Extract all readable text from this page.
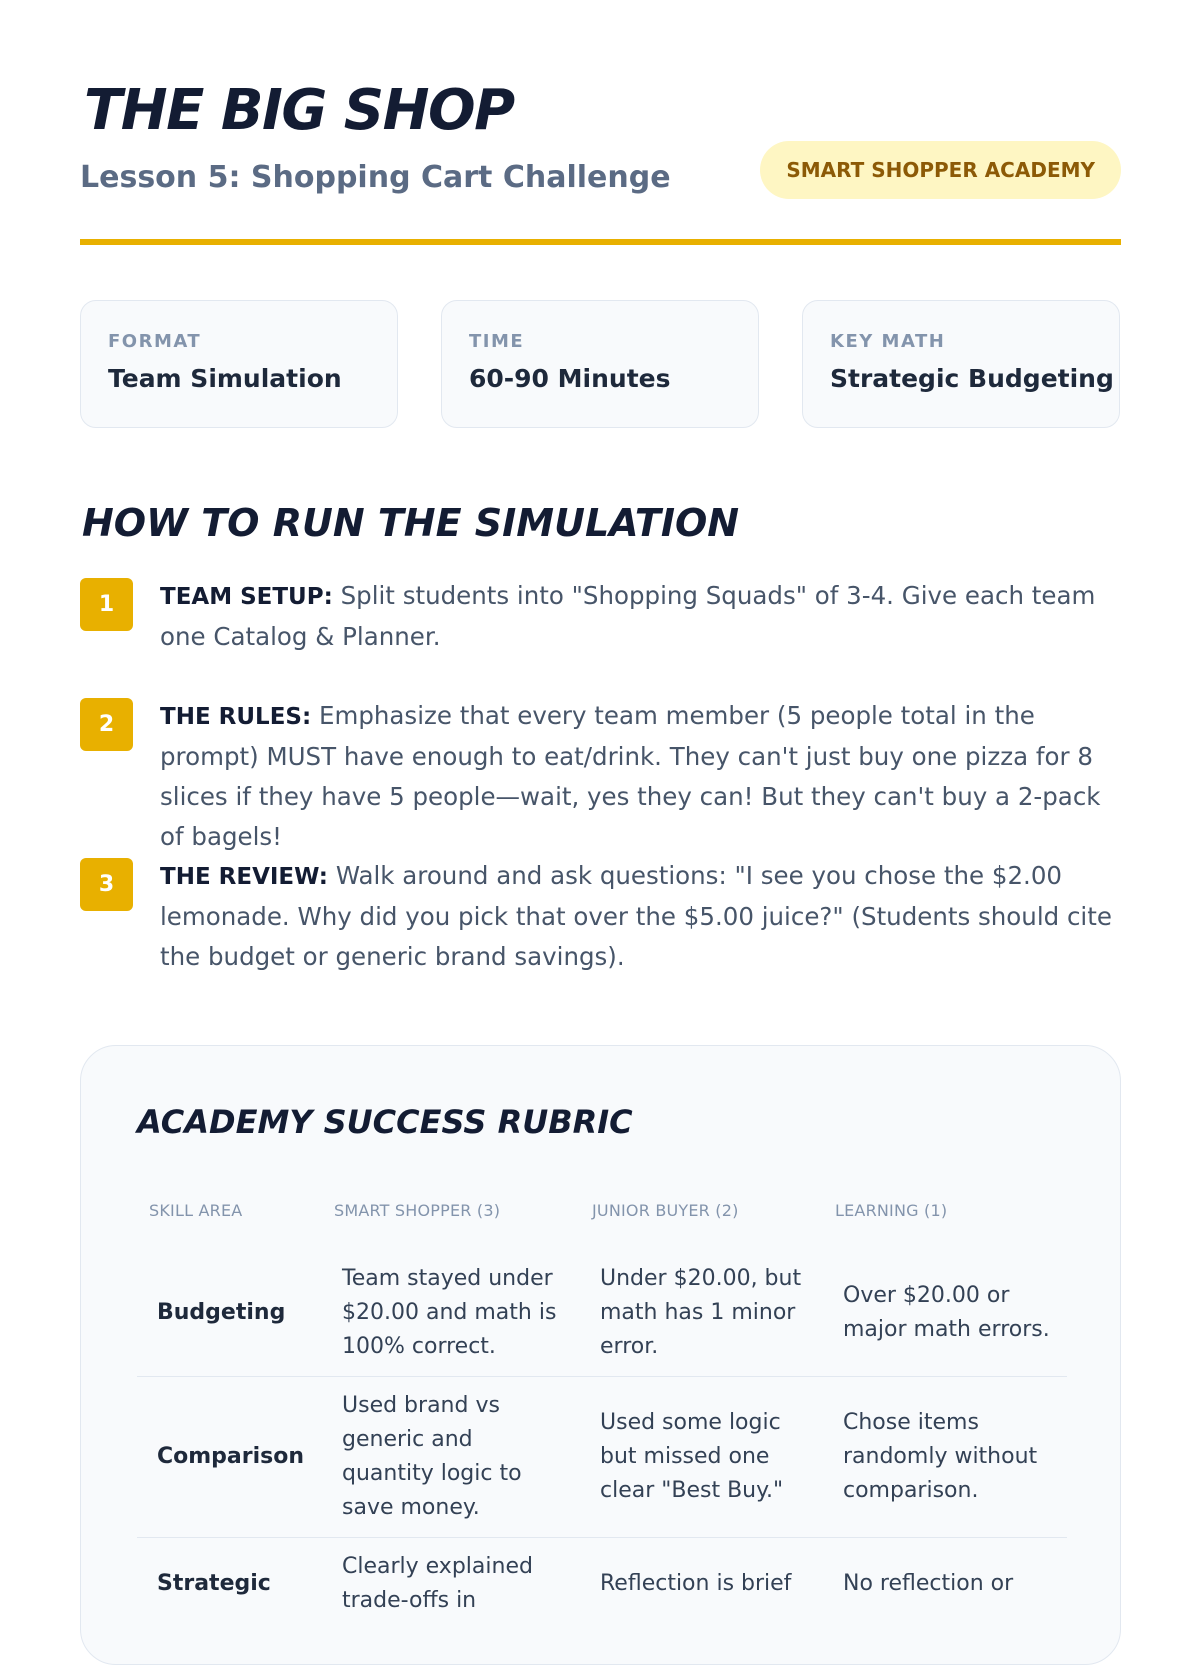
THE BIG SHOP
Lesson 5: Shopping Cart Challenge	SMART SHOPPER ACADEMY
FORMAT
Team Simulation
TIME
60-90 Minutes
KEY MATH
Strategic Budgeting
HOW TO RUN THE SIMULATION
1	TEAM SETUP: Split students into "Shopping Squads" of 3-4. Give each team one Catalog & Planner.

2	THE RULES: Emphasize that every team member (5 people total in the prompt) MUST have enough to eat/drink. They can't just buy one pizza for 8 slices if they have 5 people—wait, yes they can! But they can't buy a 2-pack of bagels!

3	THE REVIEW: Walk around and ask questions: "I see you chose the $2.00 lemonade. Why did you pick that over the $5.00 juice?" (Students should cite the budget or generic brand savings).

ACADEMY SUCCESS RUBRIC
SKILL AREA	SMART SHOPPER (3)	JUNIOR BUYER (2)	LEARNING (1)
Budgeting	Team stayed under $20.00 and math is 100% correct.	Under $20.00, but math has 1 minor error.	Over $20.00 or major math errors.
Comparison	Used brand vs generic and quantity logic to save money.	Used some logic but missed one clear "Best Buy."	Chose items randomly without comparison.
Strategic	Clearly explained trade-offs in	Reflection is brief	No reflection or
